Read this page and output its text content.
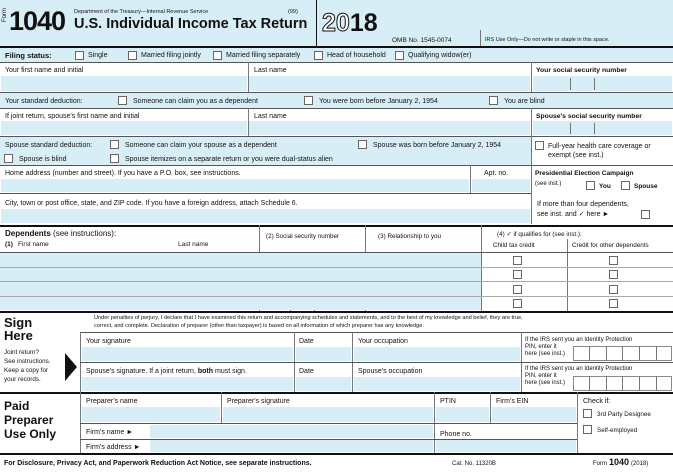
Form 1040 Department of the Treasury—Internal Revenue Service	(99)
U.S. Individual Income Tax Return 2018
OMB No. 1545-0074	IRS Use Only—Do not write or staple in this space.
Filing status:	Single	Married filing jointly	Married filing separately	Head of household	Qualifying widow(er)
Your first name and initial	Last name	Your social security number
Your standard deduction:	Someone can claim you as a dependent	You were born before January 2, 1954	You are blind
If joint return, spouse's first name and initial	Last name	Spouse's social security number
Spouse standard deduction:	Someone can claim your spouse as a dependent	Spouse was born before January 2, 1954
Spouse is blind	Spouse itemizes on a separate return or you were dual-status alien
Full-year health care coverage or exempt (see inst.)
Home address (number and street). If you have a P.O. box, see instructions.	Apt. no.	Presidential Election Campaign
(see inst.)	You	Spouse
City, town or post office, state, and ZIP code. If you have a foreign address, attach Schedule 6.	If more than four dependents,
see inst. and ✓ here ►
Dependents (see instructions):
(1) First name	Last name
(2) Social security number	(3) Relationship to you	(4) ✓ if qualifies for (see inst.):
Child tax credit	Credit for other dependents
Sign
Here
Joint return?
See instructions.
Keep a copy for
your records.
Under penalties of perjury, I declare that I have examined this return and accompanying schedules and statements, and to the best of my knowledge and belief, they are true,
correct, and complete. Declaration of preparer (other than taxpayer) is based on all information of which preparer has any knowledge.
Your signature	Date	Your occupation	If the IRS sent you an Identity Protection
PIN, enter it
here (see inst.)
Spouse's signature. If a joint return, both must sign.	Date	Spouse's occupation	If the IRS sent you an Identity Protection
PIN, enter it
here (see inst.)
Paid
Preparer
Use Only
Preparer's name	Preparer's signature	PTIN	Firm's EIN	Check if:
3rd Party Designee
Self-employed
Firm's name ►
Firm's address ►
Phone no.
For Disclosure, Privacy Act, and Paperwork Reduction Act Notice, see separate instructions.	Cat. No. 11320B	Form 1040 (2018)
